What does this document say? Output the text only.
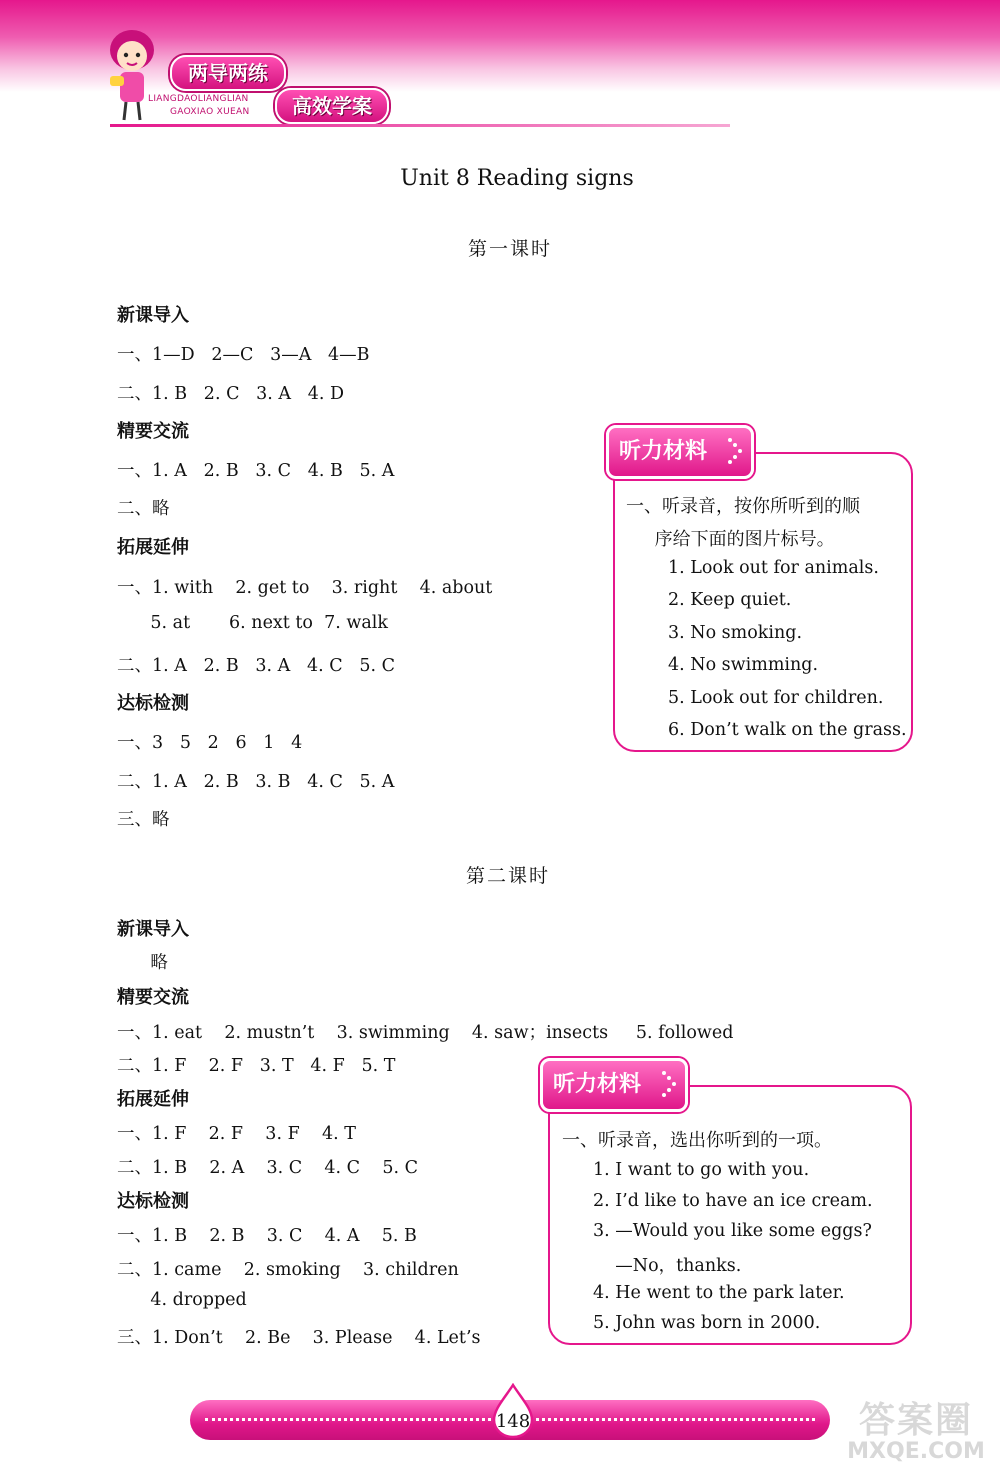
两导两练
LIANGDAOLIANGLIAN
GAOXIAO XUEAN	高效学案
Unit 8 Reading signs
第一课时
新课导入
一、1—D   2—C   3—A   4—B
二、1. B   2. C   3. A   4. D
精要交流
一、1. A   2. B   3. C   4. B   5. A
二、略
拓展延伸
一、1. with    2. get to    3. right    4. about
5. at       6. next to  7. walk
二、1. A   2. B   3. A   4. C   5. C
达标检测
一、3   5   2   6   1   4
二、1. A   2. B   3. B   4. C   5. A
三、略
听力材料
一、听录音，按你所听到的顺
序给下面的图片标号。
1. Look out for animals.
2. Keep quiet.
3. No smoking.
4. No swimming.
5. Look out for children.
6. Don’t walk on the grass.
第二课时
新课导入
略
精要交流
一、1. eat    2. mustn’t    3. swimming    4. saw；insects     5. followed
二、1. F    2. F   3. T   4. F   5. T
拓展延伸
一、1. F    2. F    3. F    4. T
二、1. B    2. A    3. C    4. C    5. C
达标检测
一、1. B    2. B    3. C    4. A    5. B
二、1. came    2. smoking    3. children
4. dropped
三、1. Don’t    2. Be    3. Please    4. Let’s
听力材料
一、听录音，选出你听到的一项。
1. I want to go with you.
2. I’d like to have an ice cream.
3. —Would you like some eggs?
—No，thanks.
4. He went to the park later.
5. John was born in 2000.
148	答案圈
MXQE.COM
